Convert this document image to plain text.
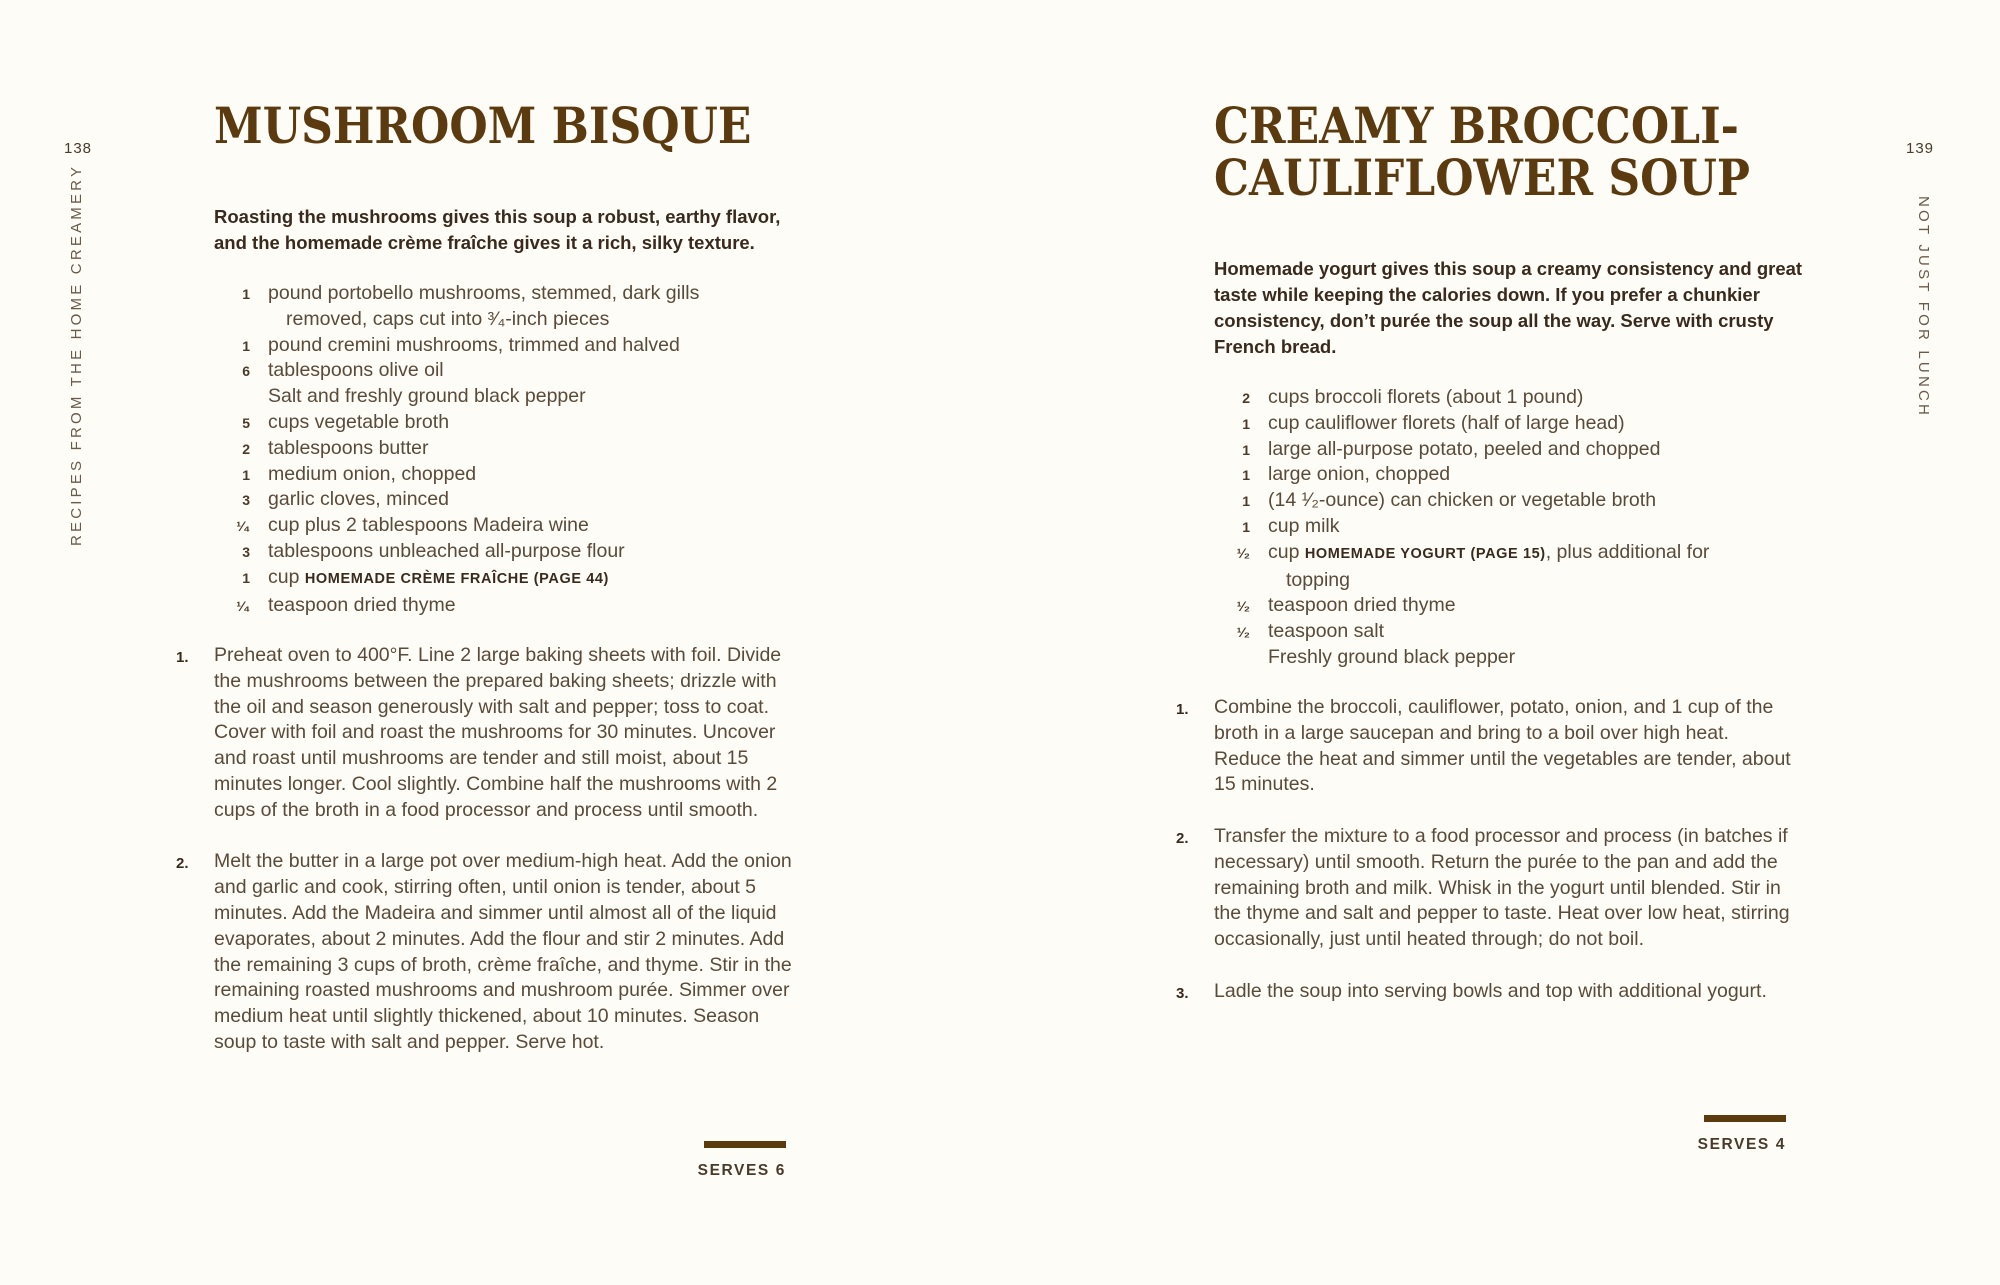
138
RECIPES FROM THE HOME CREAMERY
MUSHROOM BISQUE

Roasting the mushrooms gives this soup a robust, earthy flavor, and the homemade crème fraîche gives it a rich, silky texture.

1 pound portobello mushrooms, stemmed, dark gills
removed, caps cut into ³⁄₄-inch pieces
1 pound cremini mushrooms, trimmed and halved
6 tablespoons olive oil
Salt and freshly ground black pepper
5 cups vegetable broth
2 tablespoons butter
1 medium onion, chopped
3 garlic cloves, minced
¹⁄₄ cup plus 2 tablespoons Madeira wine
3 tablespoons unbleached all-purpose flour
1 cup HOMEMADE CRÈME FRAÎCHE (PAGE 44)
¹⁄₄ teaspoon dried thyme
1. Preheat oven to 400°F. Line 2 large baking sheets with foil. Divide the mushrooms between the prepared baking sheets; drizzle with the oil and season generously with salt and pepper; toss to coat. Cover with foil and roast the mushrooms for 30 minutes. Uncover and roast until mushrooms are tender and still moist, about 15 minutes longer. Cool slightly. Combine half the mushrooms with 2 cups of the broth in a food processor and process until smooth.
2. Melt the butter in a large pot over medium-high heat. Add the onion and garlic and cook, stirring often, until onion is tender, about 5 minutes. Add the Madeira and simmer until almost all of the liquid evaporates, about 2 minutes. Add the flour and stir 2 minutes. Add the remaining 3 cups of broth, crème fraîche, and thyme. Stir in the remaining roasted mushrooms and mushroom purée. Simmer over medium heat until slightly thickened, about 10 minutes. Season soup to taste with salt and pepper. Serve hot.
SERVES 6
139
NOT JUST FOR LUNCH
CREAMY BROCCOLI-
CAULIFLOWER SOUP

Homemade yogurt gives this soup a creamy consistency and great taste while keeping the calories down. If you prefer a chunkier consistency, don’t purée the soup all the way. Serve with crusty French bread.

2 cups broccoli florets (about 1 pound)
1 cup cauliflower florets (half of large head)
1 large all-purpose potato, peeled and chopped
1 large onion, chopped
1 (14 ¹⁄₂-ounce) can chicken or vegetable broth
1 cup milk
¹⁄₂ cup HOMEMADE YOGURT (PAGE 15), plus additional for
topping
¹⁄₂ teaspoon dried thyme
¹⁄₂ teaspoon salt
Freshly ground black pepper
1. Combine the broccoli, cauliflower, potato, onion, and 1 cup of the broth in a large saucepan and bring to a boil over high heat. Reduce the heat and simmer until the vegetables are tender, about 15 minutes.
2. Transfer the mixture to a food processor and process (in batches if necessary) until smooth. Return the purée to the pan and add the remaining broth and milk. Whisk in the yogurt until blended. Stir in the thyme and salt and pepper to taste. Heat over low heat, stirring occasionally, just until heated through; do not boil.
3. Ladle the soup into serving bowls and top with additional yogurt.
SERVES 4
